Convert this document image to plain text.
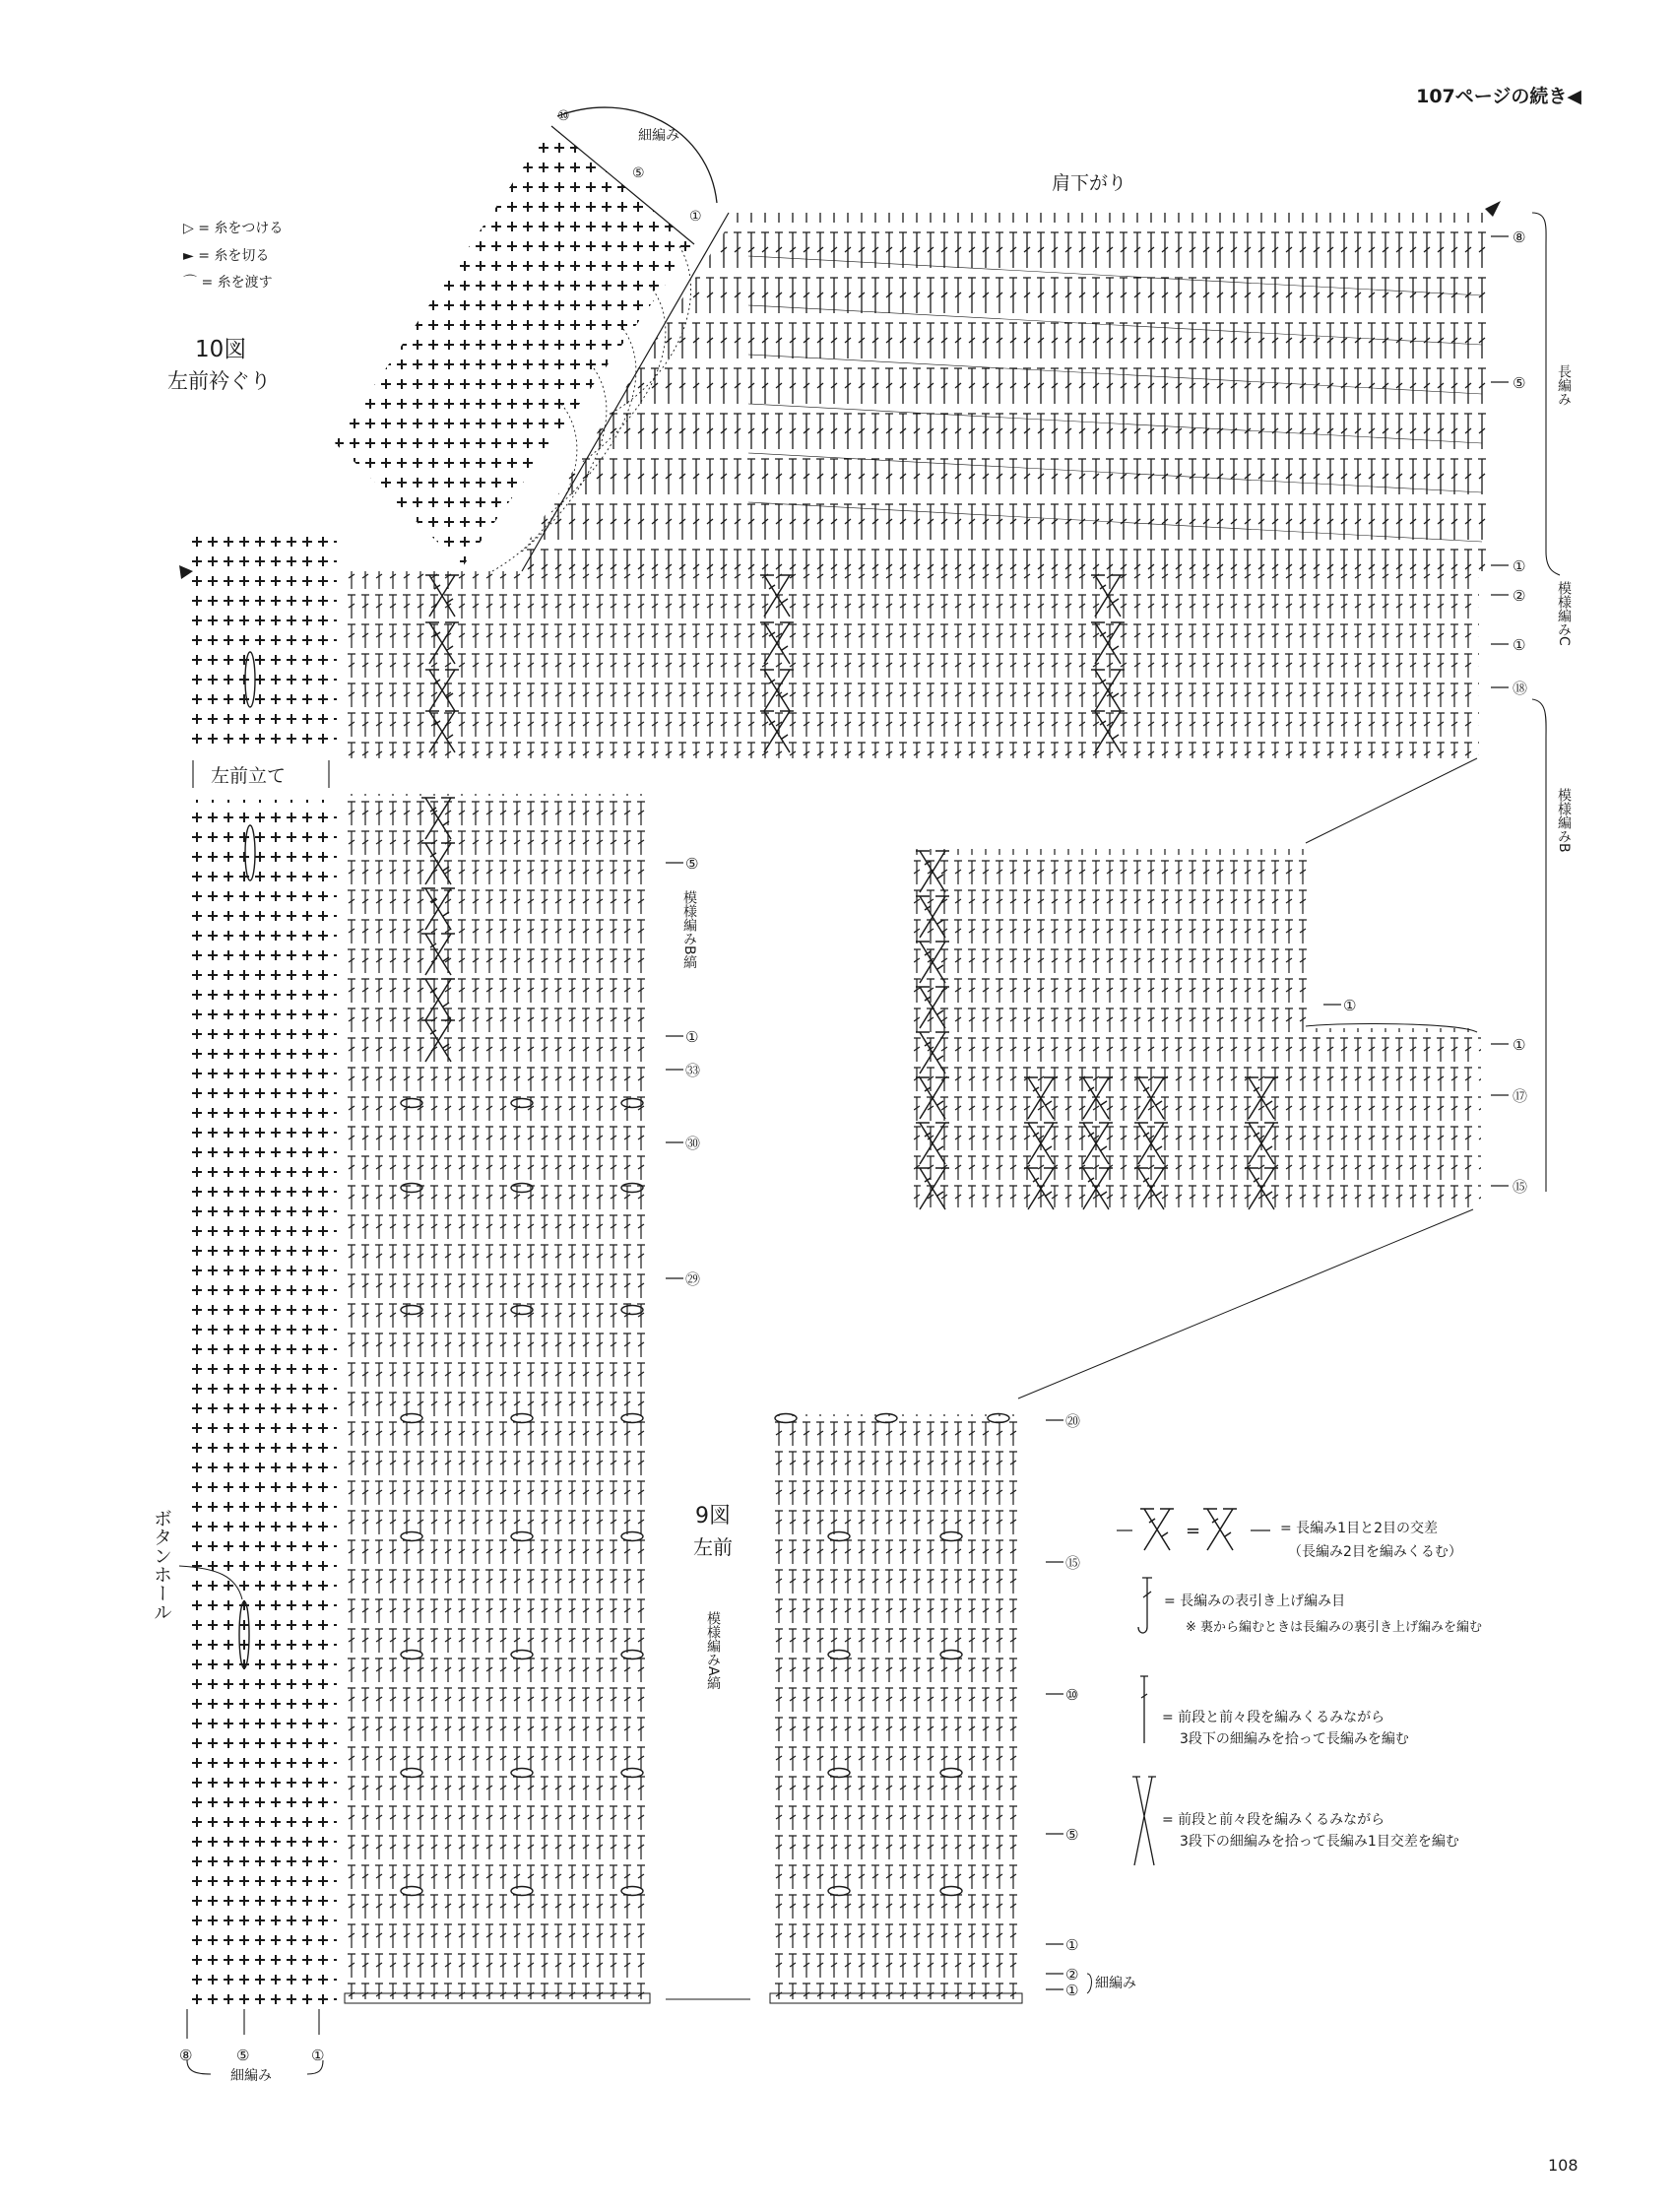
107ページの続き◀
▷ = 糸をつける
► = 糸を切る
⌒ = 糸を渡す
10図
左前衿ぐり
細編み
⑩
⑤
①
肩下がり
⑧
⑤
①
②
①
⑱
長編み
模様編みC
模様編みB
左前立て
模様編みB縞
⑤
①
㉝
㉚
㉙
9図
左前
模様編みA縞
ボタンホール
⑧	⑤	①
細編み
①
①
⑰
⑮
⑳
⑮
⑩
⑤
①
②
① 細編み
=	= 長編み1目と2目の交差
（長編み2目を編みくるむ）
= 長編みの表引き上げ編み目
※ 裏から編むときは長編みの裏引き上げ編みを編む
= 前段と前々段を編みくるみながら
3段下の細編みを拾って長編みを編む
= 前段と前々段を編みくるみながら
3段下の細編みを拾って長編み1目交差を編む
108
